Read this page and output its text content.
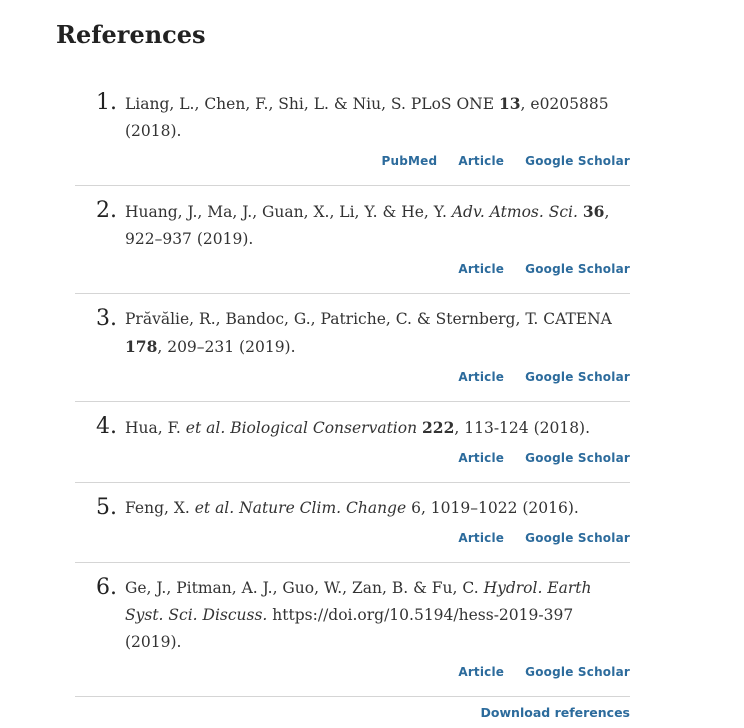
References
1. Liang, L., Chen, F., Shi, L. & Niu, S. PLoS ONE 13, e0205885 (2018).

PubMed Article Google Scholar
2. Huang, J., Ma, J., Guan, X., Li, Y. & He, Y. Adv. Atmos. Sci. 36, 922–937 (2019).

Article Google Scholar
3. Prăvălie, R., Bandoc, G., Patriche, C. & Sternberg, T. CATENA 178, 209–231 (2019).

Article Google Scholar
4. Hua, F. et al. Biological Conservation 222, 113-124 (2018).

Article Google Scholar
5. Feng, X. et al. Nature Clim. Change 6, 1019–1022 (2016).

Article Google Scholar
6. Ge, J., Pitman, A. J., Guo, W., Zan, B. & Fu, C. Hydrol. Earth Syst. Sci. Discuss. https://doi.org/10.5194/hess-2019-397 (2019).

Article Google Scholar
Download references
